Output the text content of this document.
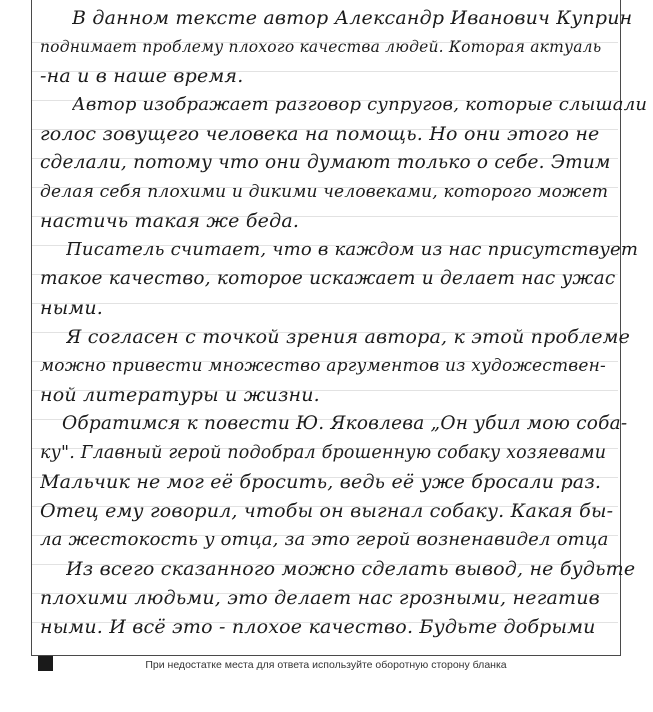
В данном тексте автор Александр Иванович Куприн
поднимает проблему плохого качества людей. Которая актуаль
-на и в наше время.
Автор изображает разговор супругов, которые слышали
голос зовущего человека на помощь. Но они этого не
сделали, потому что они думают только о себе. Этим
делая себя плохими и дикими человеками, которого может
настичь такая же беда.
Писатель считает, что в каждом из нас присутствует
такое качество, которое искажает и делает нас ужас
ными.
Я согласен с точкой зрения автора, к этой проблеме
можно привести множество аргументов из художествен-
ной литературы и жизни.
Обратимся к повести Ю. Яковлева „Он убил мою соба-
ку". Главный герой подобрал брошенную собаку хозяевами
Мальчик не мог её бросить, ведь её уже бросали раз.
Отец ему говорил, чтобы он выгнал собаку. Какая бы-
ла жестокость у отца, за это герой возненавидел отца
Из всего сказанного можно сделать вывод, не будьте
плохими людьми, это делает нас грозными, негатив
ными. И всё это - плохое качество. Будьте добрыми
При недостатке места для ответа используйте оборотную сторону бланка
